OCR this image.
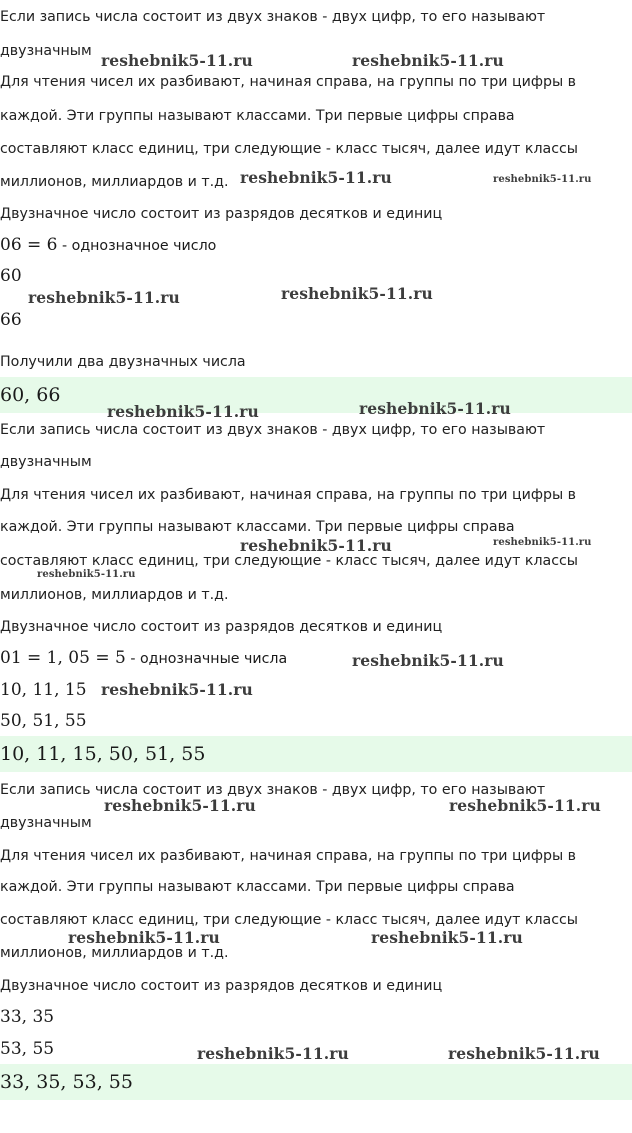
Если запись числа состоит из двух знаков - двух цифр, то его называют
двузначным
Для чтения чисел их разбивают, начиная справа, на группы по три цифры в
каждой. Эти группы называют классами. Три первые цифры справа
составляют класс единиц, три следующие - класс тысяч, далее идут классы
миллионов, миллиардов и т.д.
Двузначное число состоит из разрядов десятков и единиц
06 = 6 - однозначное число
60
66
Получили два двузначных числа
60, 66
Если запись числа состоит из двух знаков - двух цифр, то его называют
двузначным
Для чтения чисел их разбивают, начиная справа, на группы по три цифры в
каждой. Эти группы называют классами. Три первые цифры справа
составляют класс единиц, три следующие - класс тысяч, далее идут классы
миллионов, миллиардов и т.д.
Двузначное число состоит из разрядов десятков и единиц
01 = 1, 05 = 5 - однозначные числа
10, 11, 15
50, 51, 55
10, 11, 15, 50, 51, 55
Если запись числа состоит из двух знаков - двух цифр, то его называют
двузначным
Для чтения чисел их разбивают, начиная справа, на группы по три цифры в
каждой. Эти группы называют классами. Три первые цифры справа
составляют класс единиц, три следующие - класс тысяч, далее идут классы
миллионов, миллиардов и т.д.
Двузначное число состоит из разрядов десятков и единиц
33, 35
53, 55
33, 35, 53, 55
reshebnik5-11.ru	reshebnik5-11.ru
reshebnik5-11.ru	reshebnik5-11.ru
reshebnik5-11.ru	reshebnik5-11.ru
reshebnik5-11.ru	reshebnik5-11.ru
reshebnik5-11.ru	reshebnik5-11.ru
reshebnik5-11.ru
reshebnik5-11.ru
reshebnik5-11.ru
reshebnik5-11.ru	reshebnik5-11.ru
reshebnik5-11.ru	reshebnik5-11.ru
reshebnik5-11.ru	reshebnik5-11.ru
